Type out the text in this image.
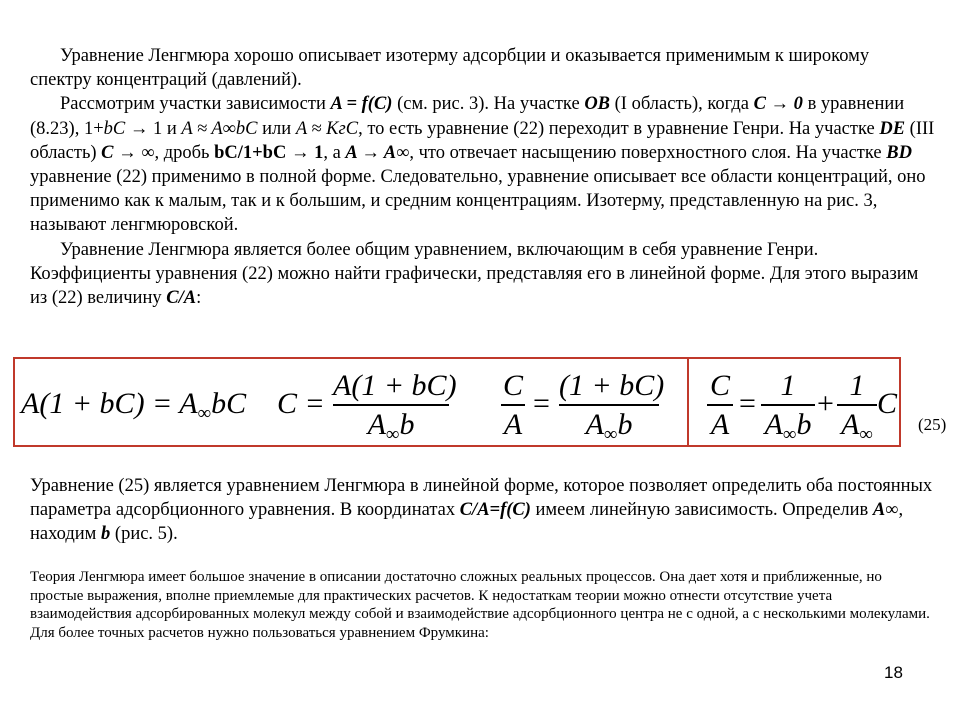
Уравнение Ленгмюра хорошо описывает изотерму адсорбции и оказывается применимым к широкому спектру концентраций (давлений).

Рассмотрим участки зависимости A = f(C) (см. рис. 3). На участке OB (I область), когда C → 0 в уравнении (8.23), 1+bC → 1 и A ≈ A∞bC или A ≈ KгC, то есть уравнение (22) переходит в уравнение Генри. На участке DE (III область) C → ∞, дробь bC/1+bC → 1, а A → A∞, что отвечает насыщению поверхностного слоя. На участке BD уравнение (22) применимо в полной форме. Следовательно, уравнение описывает все области концентраций, оно применимо как к малым, так и к большим, и средним концентрациям. Изотерму, представленную на рис. 3, называют ленгмюровской.

Уравнение Ленгмюра является более общим уравнением, включающим в себя уравнение Генри. Коэффициенты уравнения (22) можно найти графически, представляя его в линейной форме. Для этого выразим из (22) величину C/A:

$A(1 + bC) = A_\infty bC$ C =
A(1 + bC)
$A_\infty b$
C
A
=
(1 + bC)
$A_\infty b$
C
A
=
1
$A_\infty b$
+
1
$A_\infty$
C
(25)

Уравнение (25) является уравнением Ленгмюра в линейной форме, которое позволяет определить оба постоянных параметра адсорбционного уравнения. В координатах C/A=f(C) имеем линейную зависимость. Определив A∞, находим b (рис. 5).

Теория Ленгмюра имеет большое значение в описании достаточно сложных реальных процессов. Она дает хотя и приближенные, но простые выражения, вполне приемлемые для практических расчетов. К недостаткам теории можно отнести отсутствие учета взаимодействия адсорбированных молекул между собой и взаимодействие адсорбционного центра не с одной, а с несколькими молекулами. Для более точных расчетов нужно пользоваться уравнением Фрумкина:

18
